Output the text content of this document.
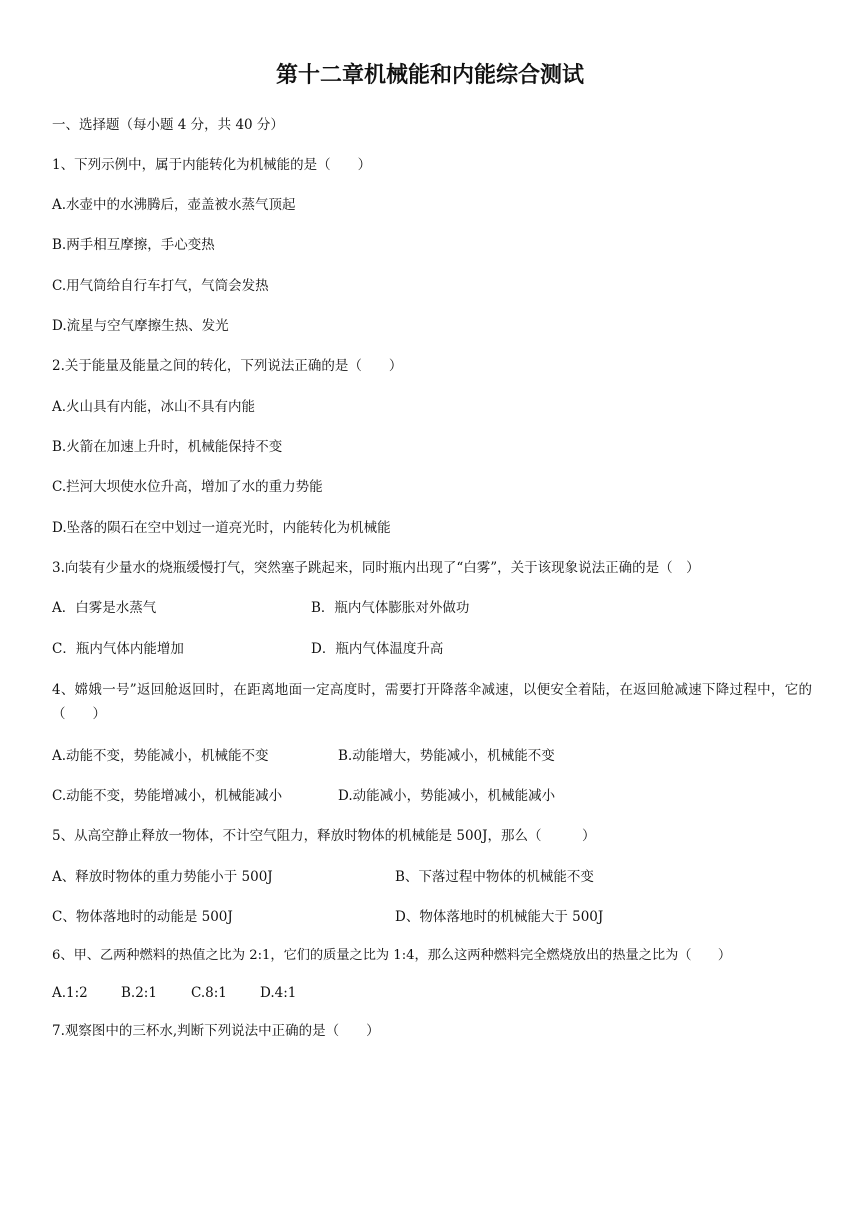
第十二章机械能和内能综合测试
一、选择题（每小题 4 分，共 40 分）
1、下列示例中，属于内能转化为机械能的是（　　）
A.水壶中的水沸腾后，壶盖被水蒸气顶起
B.两手相互摩擦，手心变热
C.用气筒给自行车打气，气筒会发热
D.流星与空气摩擦生热、发光
2.关于能量及能量之间的转化，下列说法正确的是（　　）
A.火山具有内能，冰山不具有内能
B.火箭在加速上升时，机械能保持不变
C.拦河大坝使水位升高，增加了水的重力势能
D.坠落的陨石在空中划过一道亮光时，内能转化为机械能
3.向装有少量水的烧瓶缓慢打气，突然塞子跳起来，同时瓶内出现了“白雾”，关于该现象说法正确的是（　）
A．白雾是水蒸气	B．瓶内气体膨胀对外做功
C．瓶内气体内能增加	D．瓶内气体温度升高
4、嫦娥一号”返回舱返回时，在距离地面一定高度时，需要打开降落伞减速，以便安全着陆，在返回舱减速下降过程中，它的（　　）
A.动能不变，势能减小，机械能不变	B.动能增大，势能减小，机械能不变
C.动能不变，势能增减小，机械能减小	D.动能减小，势能减小，机械能减小
5、从高空静止释放一物体，不计空气阻力，释放时物体的机械能是 500J，那么（　　　）
A、释放时物体的重力势能小于 500J	B、下落过程中物体的机械能不变
C、物体落地时的动能是 500J	D、物体落地时的机械能大于 500J
6、甲、乙两种燃料的热值之比为 2:1，它们的质量之比为 1:4，那么这两种燃料完全燃烧放出的热量之比为（　　）
A.1:2 B.2:1	C.8:1 D.4:1
7.观察图中的三杯水,判断下列说法中正确的是（　　）
